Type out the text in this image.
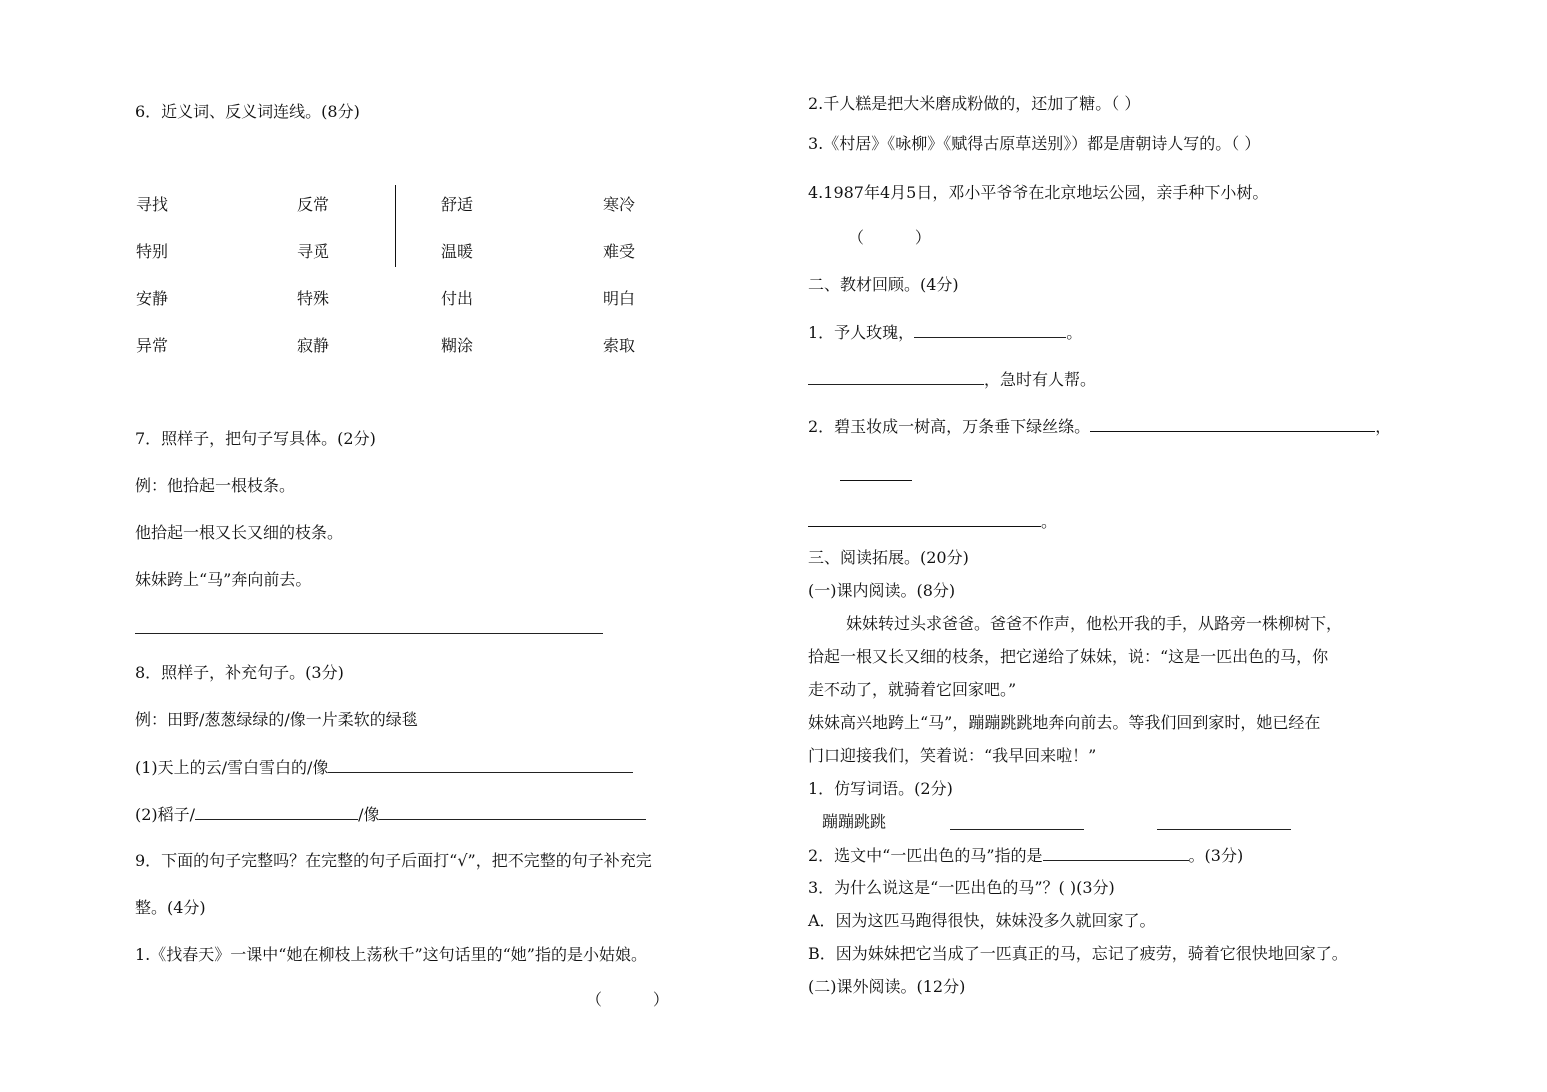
6．近义词、反义词连线。(8分)
寻找	反常	舒适	寒冷
特别	寻觅	温暖	难受
安静	特殊	付出	明白
异常	寂静	糊涂	索取
7．照样子，把句子写具体。(2分)
例：他拾起一根枝条。
他拾起一根又长又细的枝条。
妹妹跨上“马”奔向前去。
8．照样子，补充句子。(3分)
例：田野/葱葱绿绿的/像一片柔软的绿毯
(1)天上的云/雪白雪白的/像
(2)稻子/	/像
9．下面的句子完整吗？在完整的句子后面打“√”，把不完整的句子补充完
整。(4分)
1.《找春天》一课中“她在柳枝上荡秋千”这句话里的“她”指的是小姑娘。
（          ）
2.千人糕是把大米磨成粉做的，还加了糖。（ ）
3.《村居》《咏柳》《赋得古原草送别》）都是唐朝诗人写的。（ ）
4.1987年4月5日，邓小平爷爷在北京地坛公园，亲手种下小树。
（          ）
二、教材回顾。(4分)
1．予人玫瑰，	。
，急时有人帮。
2．碧玉妆成一树高，万条垂下绿丝绦。	，
。
三、阅读拓展。(20分)
(一)课内阅读。(8分)
妹妹转过头求爸爸。爸爸不作声，他松开我的手，从路旁一株柳树下，
拾起一根又长又细的枝条，把它递给了妹妹，说：“这是一匹出色的马，你
走不动了，就骑着它回家吧。”
妹妹高兴地跨上“马”，蹦蹦跳跳地奔向前去。等我们回到家时，她已经在
门口迎接我们，笑着说：“我早回来啦！”
1．仿写词语。(2分)
蹦蹦跳跳
2．选文中“一匹出色的马”指的是	。(3分)
3．为什么说这是“一匹出色的马”？( )(3分)
A．因为这匹马跑得很快，妹妹没多久就回家了。
B．因为妹妹把它当成了一匹真正的马，忘记了疲劳，骑着它很快地回家了。
(二)课外阅读。(12分)
